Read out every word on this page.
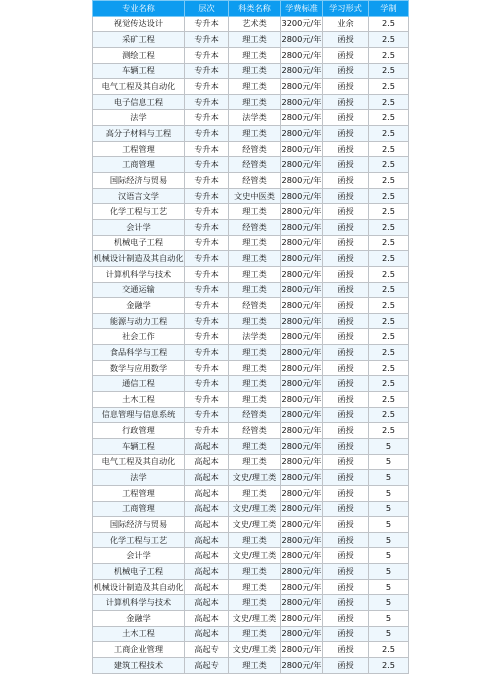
专业名称	层次	科类名称	学费标准	学习形式	学制
视觉传达设计	专升本	艺术类	3200元/年	业余	2.5
采矿工程	专升本	理工类	2800元/年	函授	2.5
测绘工程	专升本	理工类	2800元/年	函授	2.5
车辆工程	专升本	理工类	2800元/年	函授	2.5
电气工程及其自动化	专升本	理工类	2800元/年	函授	2.5
电子信息工程	专升本	理工类	2800元/年	函授	2.5
法学	专升本	法学类	2800元/年	函授	2.5
高分子材料与工程	专升本	理工类	2800元/年	函授	2.5
工程管理	专升本	经管类	2800元/年	函授	2.5
工商管理	专升本	经管类	2800元/年	函授	2.5
国际经济与贸易	专升本	经管类	2800元/年	函授	2.5
汉语言文学	专升本	文史中医类	2800元/年	函授	2.5
化学工程与工艺	专升本	理工类	2800元/年	函授	2.5
会计学	专升本	经管类	2800元/年	函授	2.5
机械电子工程	专升本	理工类	2800元/年	函授	2.5
机械设计制造及其自动化	专升本	理工类	2800元/年	函授	2.5
计算机科学与技术	专升本	理工类	2800元/年	函授	2.5
交通运输	专升本	理工类	2800元/年	函授	2.5
金融学	专升本	经管类	2800元/年	函授	2.5
能源与动力工程	专升本	理工类	2800元/年	函授	2.5
社会工作	专升本	法学类	2800元/年	函授	2.5
食品科学与工程	专升本	理工类	2800元/年	函授	2.5
数学与应用数学	专升本	理工类	2800元/年	函授	2.5
通信工程	专升本	理工类	2800元/年	函授	2.5
土木工程	专升本	理工类	2800元/年	函授	2.5
信息管理与信息系统	专升本	经管类	2800元/年	函授	2.5
行政管理	专升本	经管类	2800元/年	函授	2.5
车辆工程	高起本	理工类	2800元/年	函授	5
电气工程及其自动化	高起本	理工类	2800元/年	函授	5
法学	高起本	文史/理工类	2800元/年	函授	5
工程管理	高起本	理工类	2800元/年	函授	5
工商管理	高起本	文史/理工类	2800元/年	函授	5
国际经济与贸易	高起本	文史/理工类	2800元/年	函授	5
化学工程与工艺	高起本	理工类	2800元/年	函授	5
会计学	高起本	文史/理工类	2800元/年	函授	5
机械电子工程	高起本	理工类	2800元/年	函授	5
机械设计制造及其自动化	高起本	理工类	2800元/年	函授	5
计算机科学与技术	高起本	理工类	2800元/年	函授	5
金融学	高起本	文史/理工类	2800元/年	函授	5
土木工程	高起本	理工类	2800元/年	函授	5
工商企业管理	高起专	文史/理工类	2800元/年	函授	2.5
建筑工程技术	高起专	理工类	2800元/年	函授	2.5
